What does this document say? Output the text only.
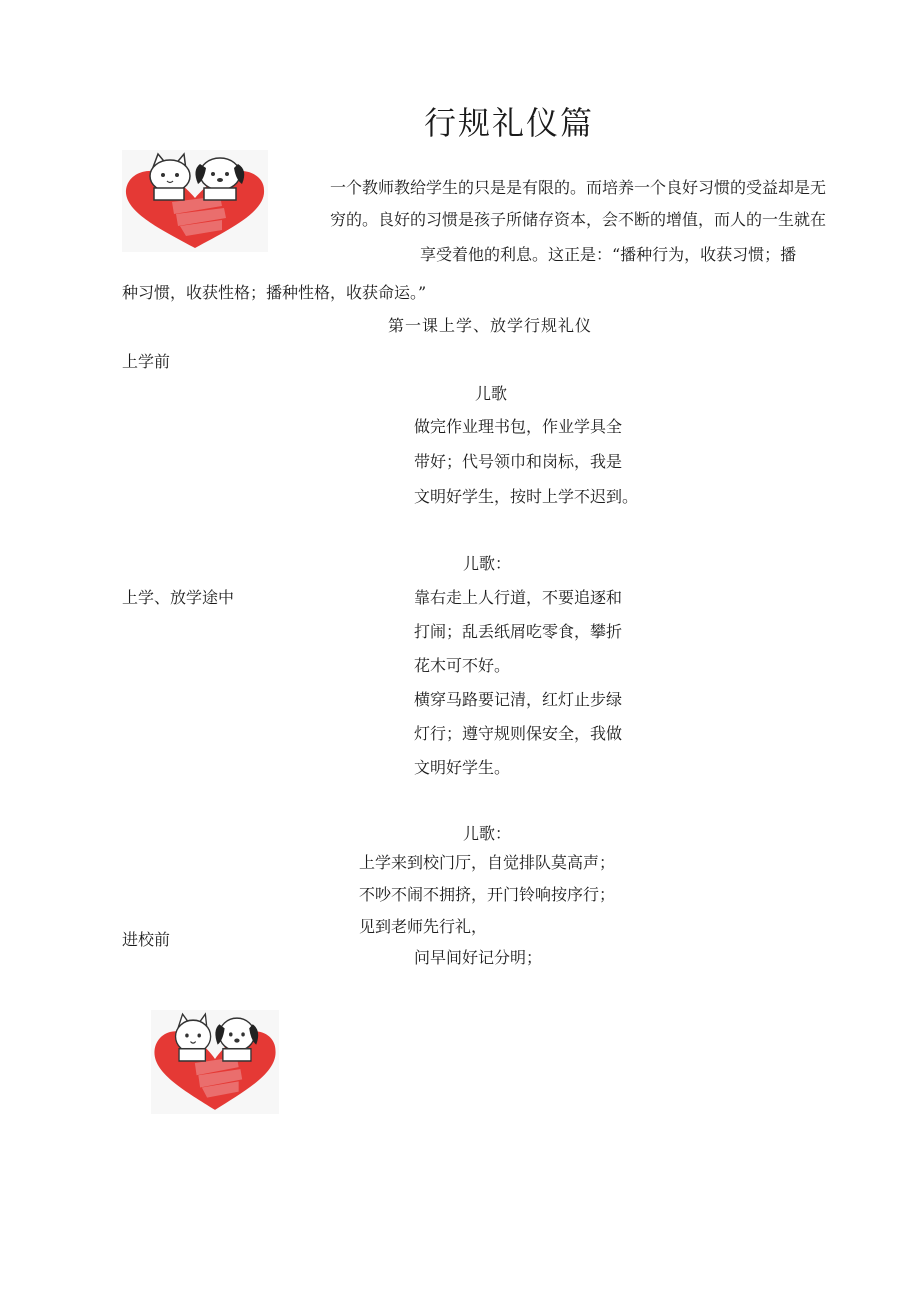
行规礼仪篇
一个教师教给学生的只是是有限的。而培养一个良好习惯的受益却是无
穷的。良好的习惯是孩子所储存资本，会不断的增值，而人的一生就在
享受着他的利息。这正是：“播种行为，收获习惯；播
种习惯，收获性格；播种性格，收获命运。”
第一课上学、放学行规礼仪
上学前
儿歌
做完作业理书包，作业学具全
带好；代号领巾和岗标，我是
文明好学生，按时上学不迟到。
儿歌：
上学、放学途中	靠右走上人行道，不要追逐和
打闹；乱丢纸屑吃零食，攀折
花木可不好。
横穿马路要记清，红灯止步绿
灯行；遵守规则保安全，我做
文明好学生。
儿歌：
上学来到校门厅，自觉排队莫高声；
不吵不闹不拥挤，开门铃响按序行；
见到老师先行礼，
进校前
问早间好记分明；
